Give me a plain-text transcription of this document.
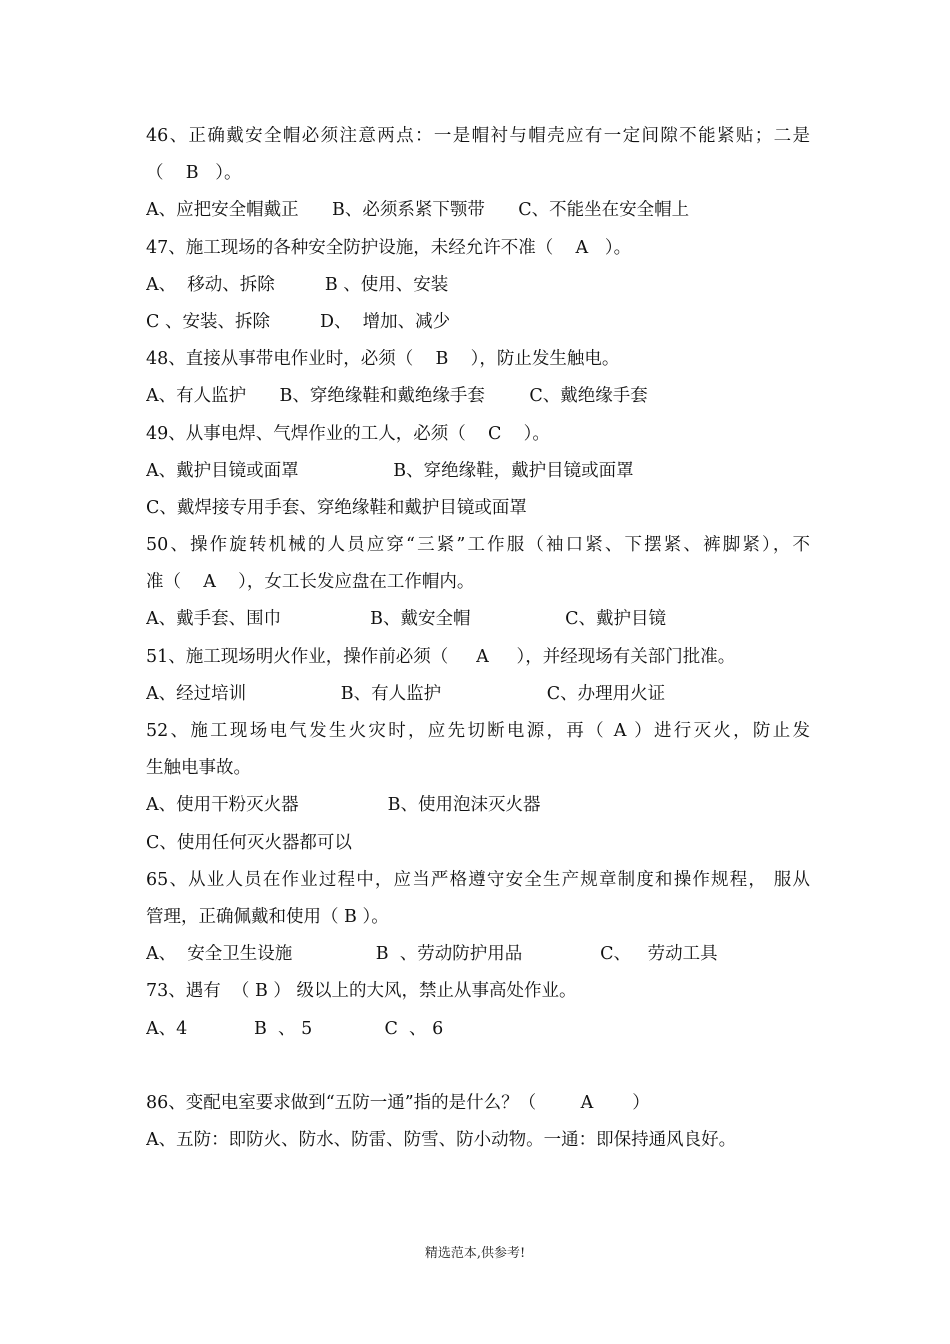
46、正确戴安全帽必须注意两点：一是帽衬与帽壳应有一定间隙不能紧贴；二是
（    B   ）。
A、应把安全帽戴正      B、必须系紧下颚带      C、不能坐在安全帽上
47、施工现场的各种安全防护设施，未经允许不准（    A   ）。
A、  移动、拆除         B 、使用、安装
C 、安装、拆除         D、  增加、减少
48、直接从事带电作业时，必须（    B    ），防止发生触电。
A、有人监护      B、穿绝缘鞋和戴绝缘手套        C、戴绝缘手套
49、从事电焊、气焊作业的工人，必须（    C    ）。
A、戴护目镜或面罩                 B、穿绝缘鞋，戴护目镜或面罩
C、戴焊接专用手套、穿绝缘鞋和戴护目镜或面罩
50、操作旋转机械的人员应穿“三紧”工作服（袖口紧、下摆紧、裤脚紧），不
准（    A    ），女工长发应盘在工作帽内。
A、戴手套、围巾                B、戴安全帽                 C、戴护目镜
51、施工现场明火作业，操作前必须（     A     ），并经现场有关部门批准。
A、经过培训                 B、有人监护                   C、办理用火证
52、施工现场电气发生火灾时，应先切断电源，再（ A ）进行灭火，防止发
生触电事故。
A、使用干粉灭火器                B、使用泡沫灭火器
C、使用任何灭火器都可以
65、从业人员在作业过程中，应当严格遵守安全生产规章制度和操作规程， 服从
管理，正确佩戴和使用（ B ）。
A、  安全卫生设施               B  、劳动防护用品              C、   劳动工具
73、遇有  （ B ） 级以上的大风，禁止从事高处作业。
A、4            B  、 5             C  、 6
86、变配电室要求做到“五防一通”指的是什么？（        A       ）
A、五防：即防火、防水、防雷、防雪、防小动物。一通：即保持通风良好。
精选范本,供参考!
